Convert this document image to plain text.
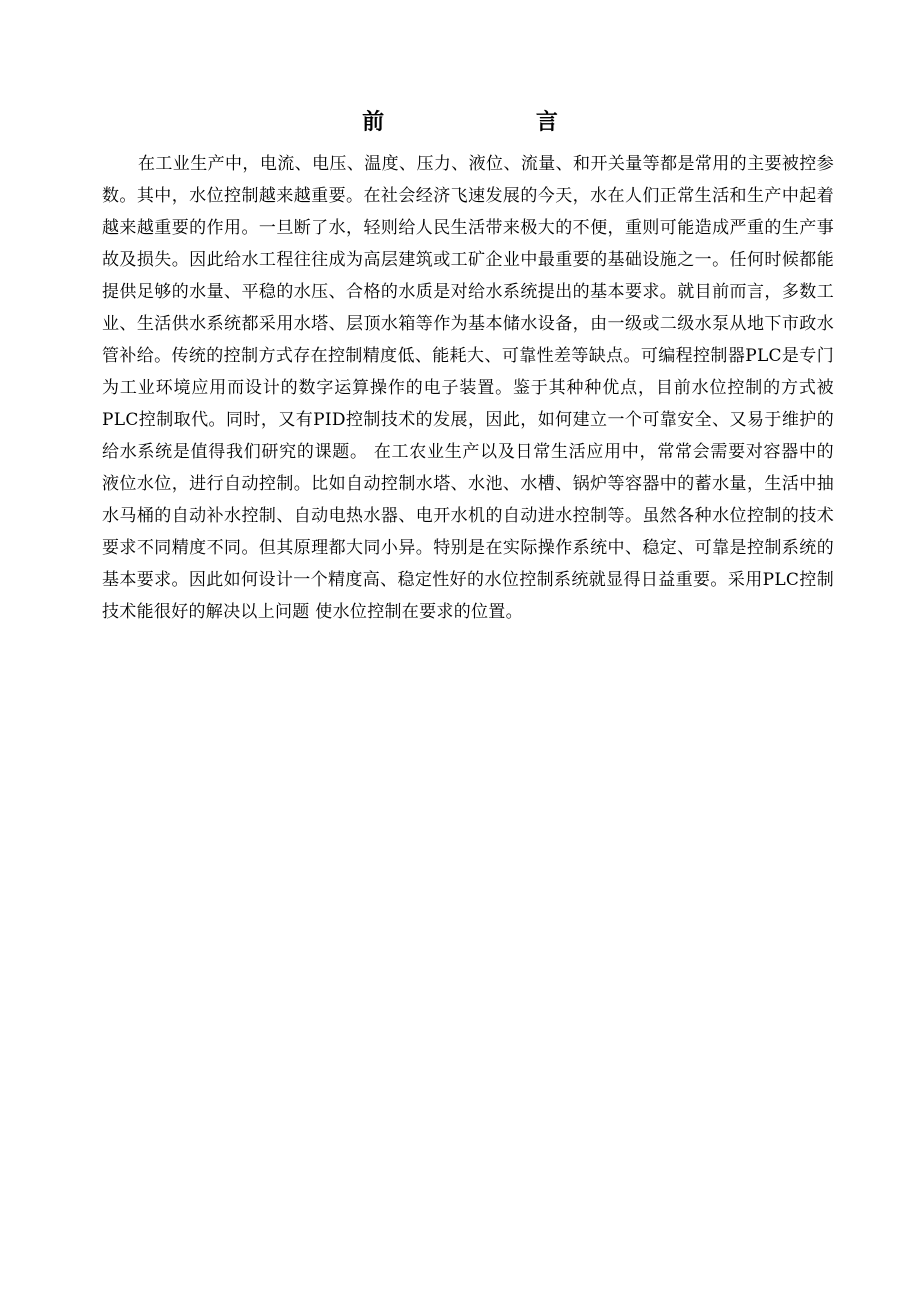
前 言

在工业生产中，电流、电压、温度、压力、液位、流量、和开关量等都是常用的主要被控参数。其中，水位控制越来越重要。在社会经济飞速发展的今天，水在人们正常生活和生产中起着越来越重要的作用。一旦断了水，轻则给人民生活带来极大的不便，重则可能造成严重的生产事故及损失。因此给水工程往往成为高层建筑或工矿企业中最重要的基础设施之一。任何时候都能提供足够的水量、平稳的水压、合格的水质是对给水系统提出的基本要求。就目前而言，多数工业、生活供水系统都采用水塔、层顶水箱等作为基本储水设备，由一级或二级水泵从地下市政水管补给。传统的控制方式存在控制精度低、能耗大、可靠性差等缺点。可编程控制器PLC是专门为工业环境应用而设计的数字运算操作的电子装置。鉴于其种种优点，目前水位控制的方式被PLC控制取代。同时，又有PID控制技术的发展，因此，如何建立一个可靠安全、又易于维护的给水系统是值得我们研究的课题。 在工农业生产以及日常生活应用中，常常会需要对容器中的液位水位，进行自动控制。比如自动控制水塔、水池、水槽、锅炉等容器中的蓄水量，生活中抽水马桶的自动补水控制、自动电热水器、电开水机的自动进水控制等。虽然各种水位控制的技术要求不同精度不同。但其原理都大同小异。特别是在实际操作系统中、稳定、可靠是控制系统的基本要求。因此如何设计一个精度高、稳定性好的水位控制系统就显得日益重要。采用PLC控制技术能很好的解决以上问题 使水位控制在要求的位置。
